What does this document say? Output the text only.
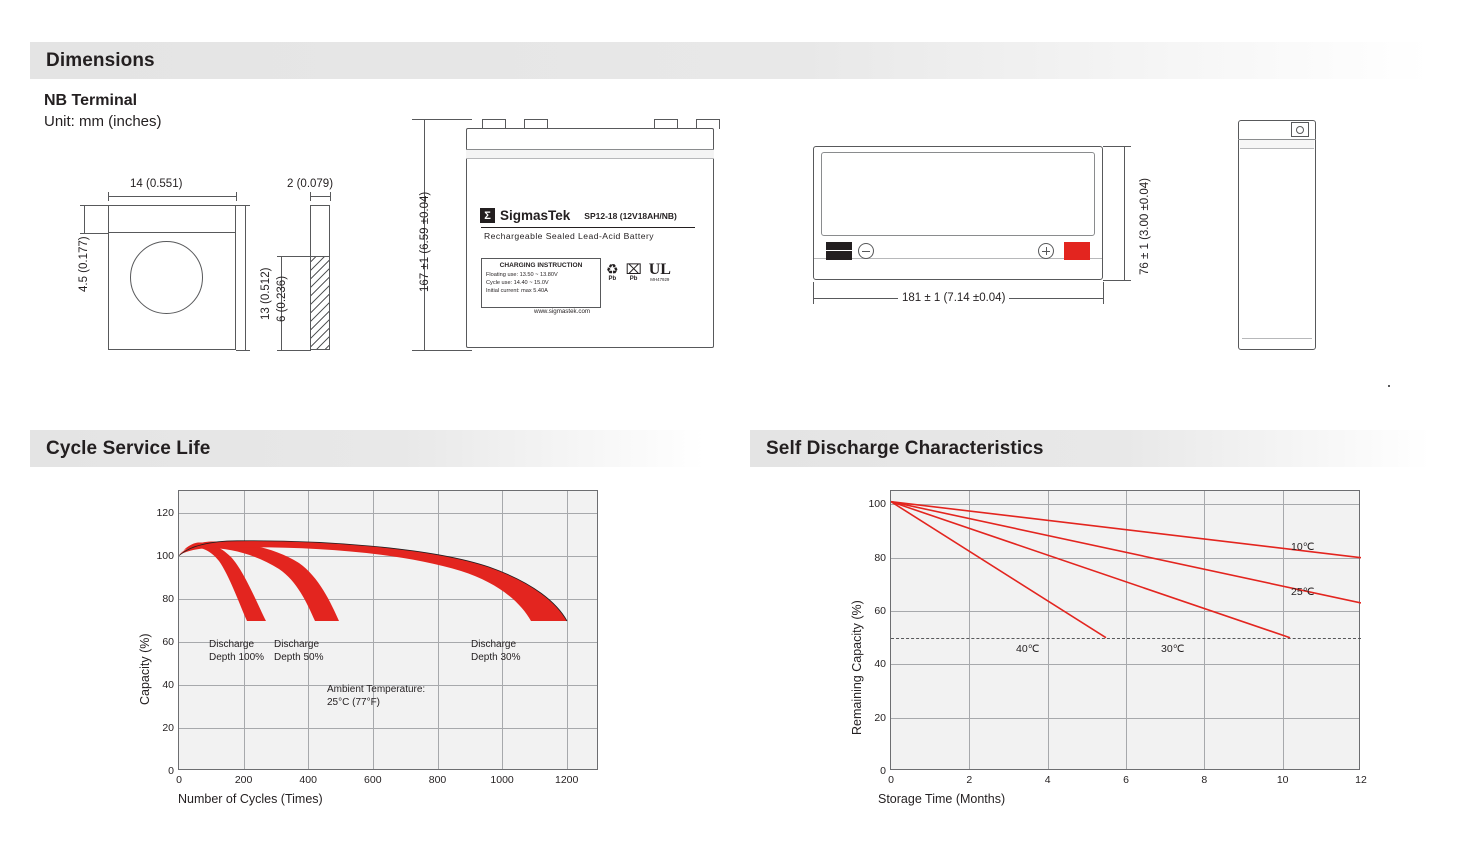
Dimensions
Cycle Service Life	Self Discharge Characteristics
NB Terminal
Unit: mm (inches)
14 (0.551)
13 (0.512)
4.5 (0.177)
2 (0.079)
6 (0.236)
Σ SigmasTek SP12-18 (12V18AH/NB)
Rechargeable Sealed Lead-Acid Battery
CHARGING INSTRUCTION
Floating use: 13.50 ~ 13.80V
Cycle use: 14.40 ~ 15.0V
Initial current: max 5.40A
www.sigmastek.com
♻
Pb
⌧
Pb
UL
MH47929
167 ±1 (6.59 ±0.04)
181 ± 1 (7.14 ±0.04)
76 ± 1 (3.00 ±0.04)
120
100
80
60
40
20
0
0	200	400	600	800	1000	1200
Discharge
Depth 100%
Discharge
Depth 50%
Discharge
Depth 30%
Ambient Temperature:
25°C (77°F)
Capacity (%)
Number of Cycles (Times)
100
80
60
40
20
0
0	2	4	6	8	10	12
10℃
25℃
30℃
40℃
Remaining Capacity (%)
Storage Time (Months)
